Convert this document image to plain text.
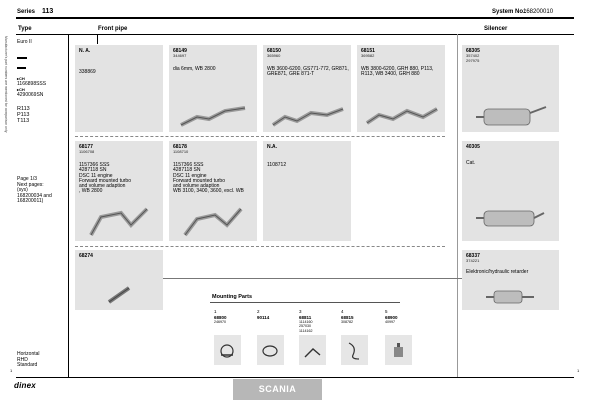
Series 113	System No.:
168200010
Type	Front pipe	Silencer
Manufacturer's part numbers are mentioned for comparison only Euro II
▸CH
1166898SSS
▸CH
4290069SN
R113
P113
T113
Page 1/3
Next pages:
(sys)
168200034 and
168200011)
Horizontal
RHD
Standard
N. A.
338869
68149
344697
dia 6mm, WB 2800
68150
365960
WB 3600-6200, GS771-772, GR871, GRE871, GRE 871-T
68151
369582
WB 3800-6200, GRH 880, P113, R113, WB 3400, GRH 880
68305
357402
297975
68177
1106708
1157366 SSS
4287118 SN
DSC 11 engine
Forward mounted turbo
and volume adaption
, WB 2800
68178
1108710
1157366 SSS
4287118 SN
DSC 11 engine
Forward mounted turbo
and volume adaption
WB 3100, 3400, 3600, excl. WB
N.A.
1108712
40305
Cat.
68274	68337
374221
Elektronic/hydraulic retarder
Mounting Parts
1
68800
246970
2
90114
3
68811
1114160
257030
1114162
4
68815
308782
5
68900
40997
1	1
dinex	SCANIA
